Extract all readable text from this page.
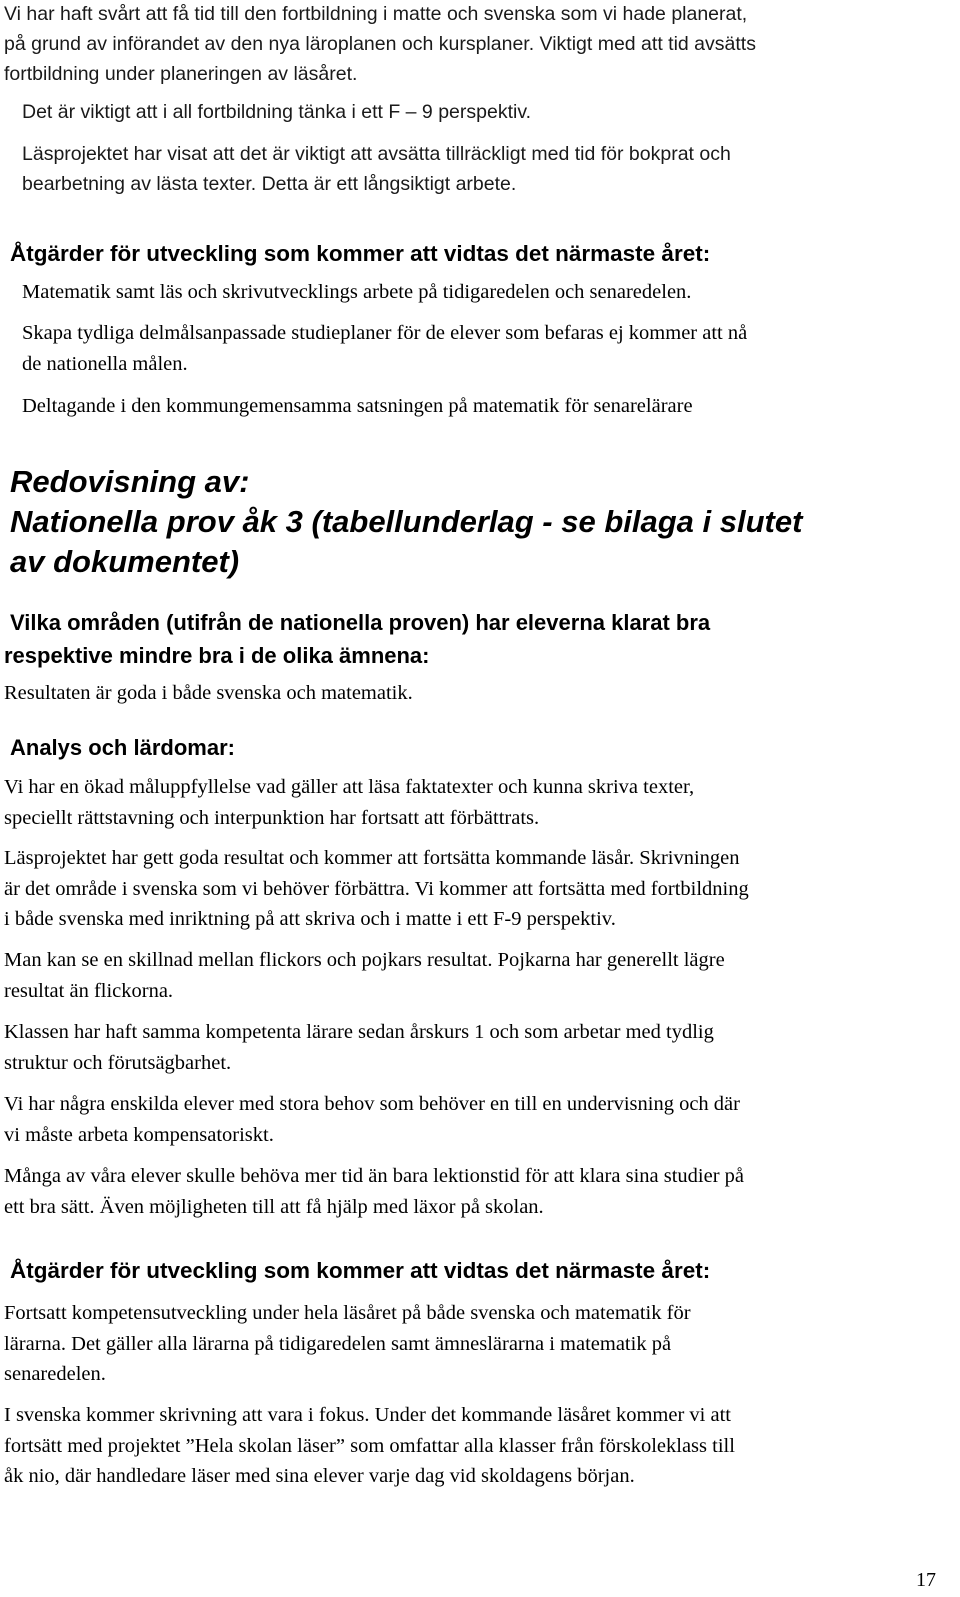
Vi har haft svårt att få tid till den fortbildning i matte och svenska som vi hade planerat,
på grund av införandet av den nya läroplanen och kursplaner. Viktigt med att tid avsätts
fortbildning under planeringen av läsåret.
Det är viktigt att i all fortbildning tänka i ett F – 9 perspektiv.
Läsprojektet har visat att det är viktigt att avsätta tillräckligt med tid för bokprat och
bearbetning av lästa texter. Detta är ett långsiktigt arbete.
Åtgärder för utveckling som kommer att vidtas det närmaste året:
Matematik samt läs och skrivutvecklings arbete på tidigaredelen och senaredelen.
Skapa tydliga delmålsanpassade studieplaner för de elever som befaras ej kommer att nå
de nationella målen.
Deltagande i den kommungemensamma satsningen på matematik för senarelärare
Redovisning av:
Nationella prov åk 3 (tabellunderlag - se bilaga i slutet
av dokumentet)
Vilka områden (utifrån de nationella proven) har eleverna klarat bra
respektive mindre bra i de olika ämnena:
Resultaten är goda i både svenska och matematik.
Analys och lärdomar:
Vi har en ökad måluppfyllelse vad gäller att läsa faktatexter och kunna skriva texter,
speciellt rättstavning och interpunktion har fortsatt att förbättrats.
Läsprojektet har gett goda resultat och kommer att fortsätta kommande läsår. Skrivningen
är det område i svenska som vi behöver förbättra. Vi kommer att fortsätta med fortbildning
i både svenska med inriktning på att skriva och i matte i ett F-9 perspektiv.
Man kan se en skillnad mellan flickors och pojkars resultat. Pojkarna har generellt lägre
resultat än flickorna.
Klassen har haft samma kompetenta lärare sedan årskurs 1 och som arbetar med tydlig
struktur och förutsägbarhet.
Vi har några enskilda elever med stora behov som behöver en till en undervisning och där
vi måste arbeta kompensatoriskt.
Många av våra elever skulle behöva mer tid än bara lektionstid för att klara sina studier på
ett bra sätt. Även möjligheten till att få hjälp med läxor på skolan.
Åtgärder för utveckling som kommer att vidtas det närmaste året:
Fortsatt kompetensutveckling under hela läsåret på både svenska och matematik för
lärarna. Det gäller alla lärarna på tidigaredelen samt ämneslärarna i matematik på
senaredelen.
I svenska kommer skrivning att vara i fokus. Under det kommande läsåret kommer vi att
fortsätt med projektet ”Hela skolan läser” som omfattar alla klasser från förskoleklass till
åk nio, där handledare läser med sina elever varje dag vid skoldagens början.
17
